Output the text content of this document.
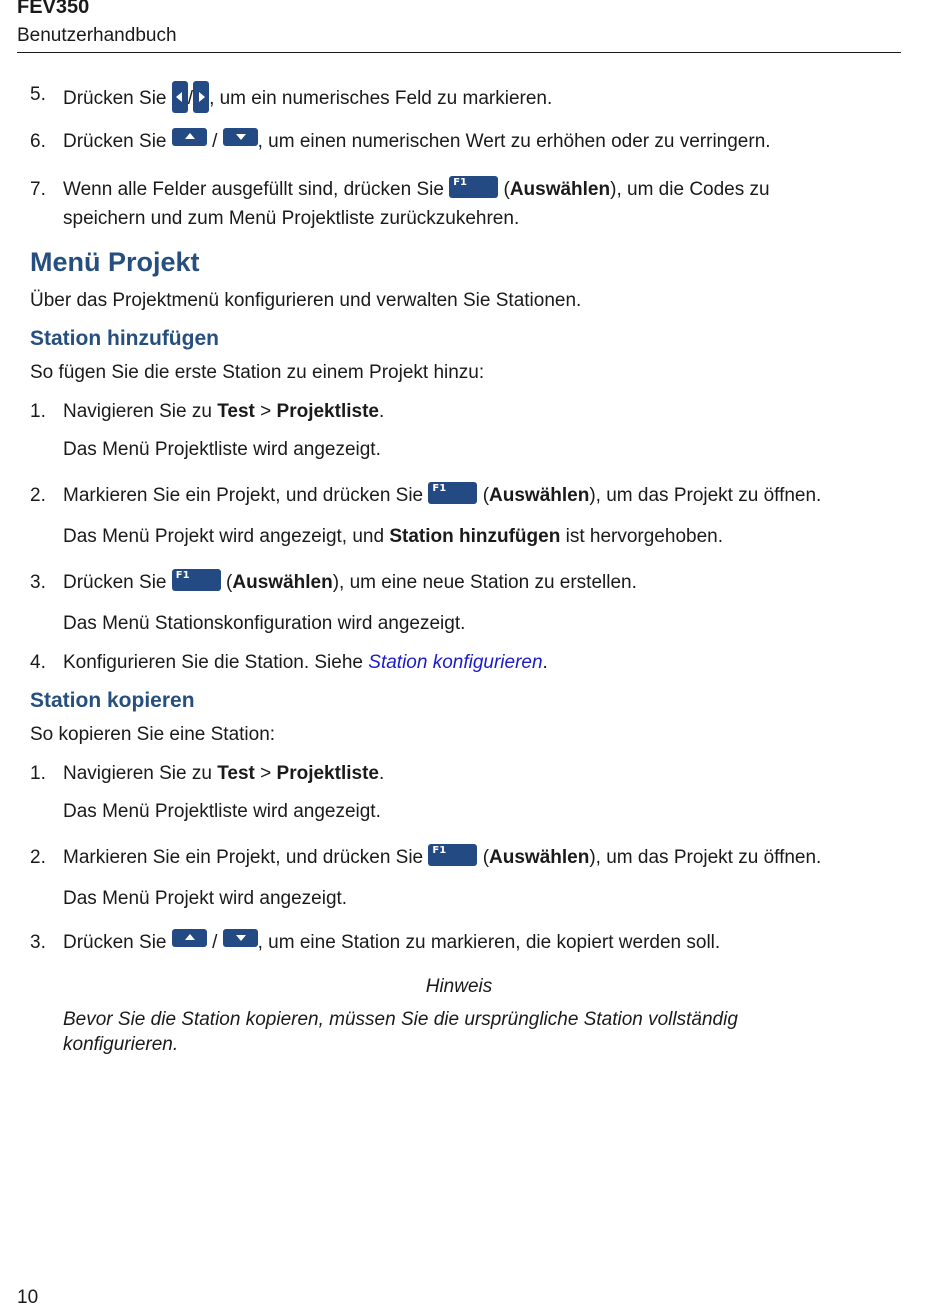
FEV350
Benutzerhandbuch
5. Drücken Sie / , um ein numerisches Feld zu markieren.
6. Drücken Sie / , um einen numerischen Wert zu erhöhen oder zu verringern.
7. Wenn alle Felder ausgefüllt sind, drücken Sie F1 (Auswählen), um die Codes zu
speichern und zum Menü Projektliste zurückzukehren.
Menü Projekt
Über das Projektmenü konfigurieren und verwalten Sie Stationen.
Station hinzufügen
So fügen Sie die erste Station zu einem Projekt hinzu:
1. Navigieren Sie zu Test > Projektliste.
Das Menü Projektliste wird angezeigt.
2. Markieren Sie ein Projekt, und drücken Sie F1 (Auswählen), um das Projekt zu öffnen.
Das Menü Projekt wird angezeigt, und Station hinzufügen ist hervorgehoben.
3. Drücken Sie F1 (Auswählen), um eine neue Station zu erstellen.
Das Menü Stationskonfiguration wird angezeigt.
4. Konfigurieren Sie die Station. Siehe Station konfigurieren.
Station kopieren
So kopieren Sie eine Station:
1. Navigieren Sie zu Test > Projektliste.
Das Menü Projektliste wird angezeigt.
2. Markieren Sie ein Projekt, und drücken Sie F1 (Auswählen), um das Projekt zu öffnen.
Das Menü Projekt wird angezeigt.
3. Drücken Sie / , um eine Station zu markieren, die kopiert werden soll.
Hinweis
Bevor Sie die Station kopieren, müssen Sie die ursprüngliche Station vollständig konfigurieren.
10
